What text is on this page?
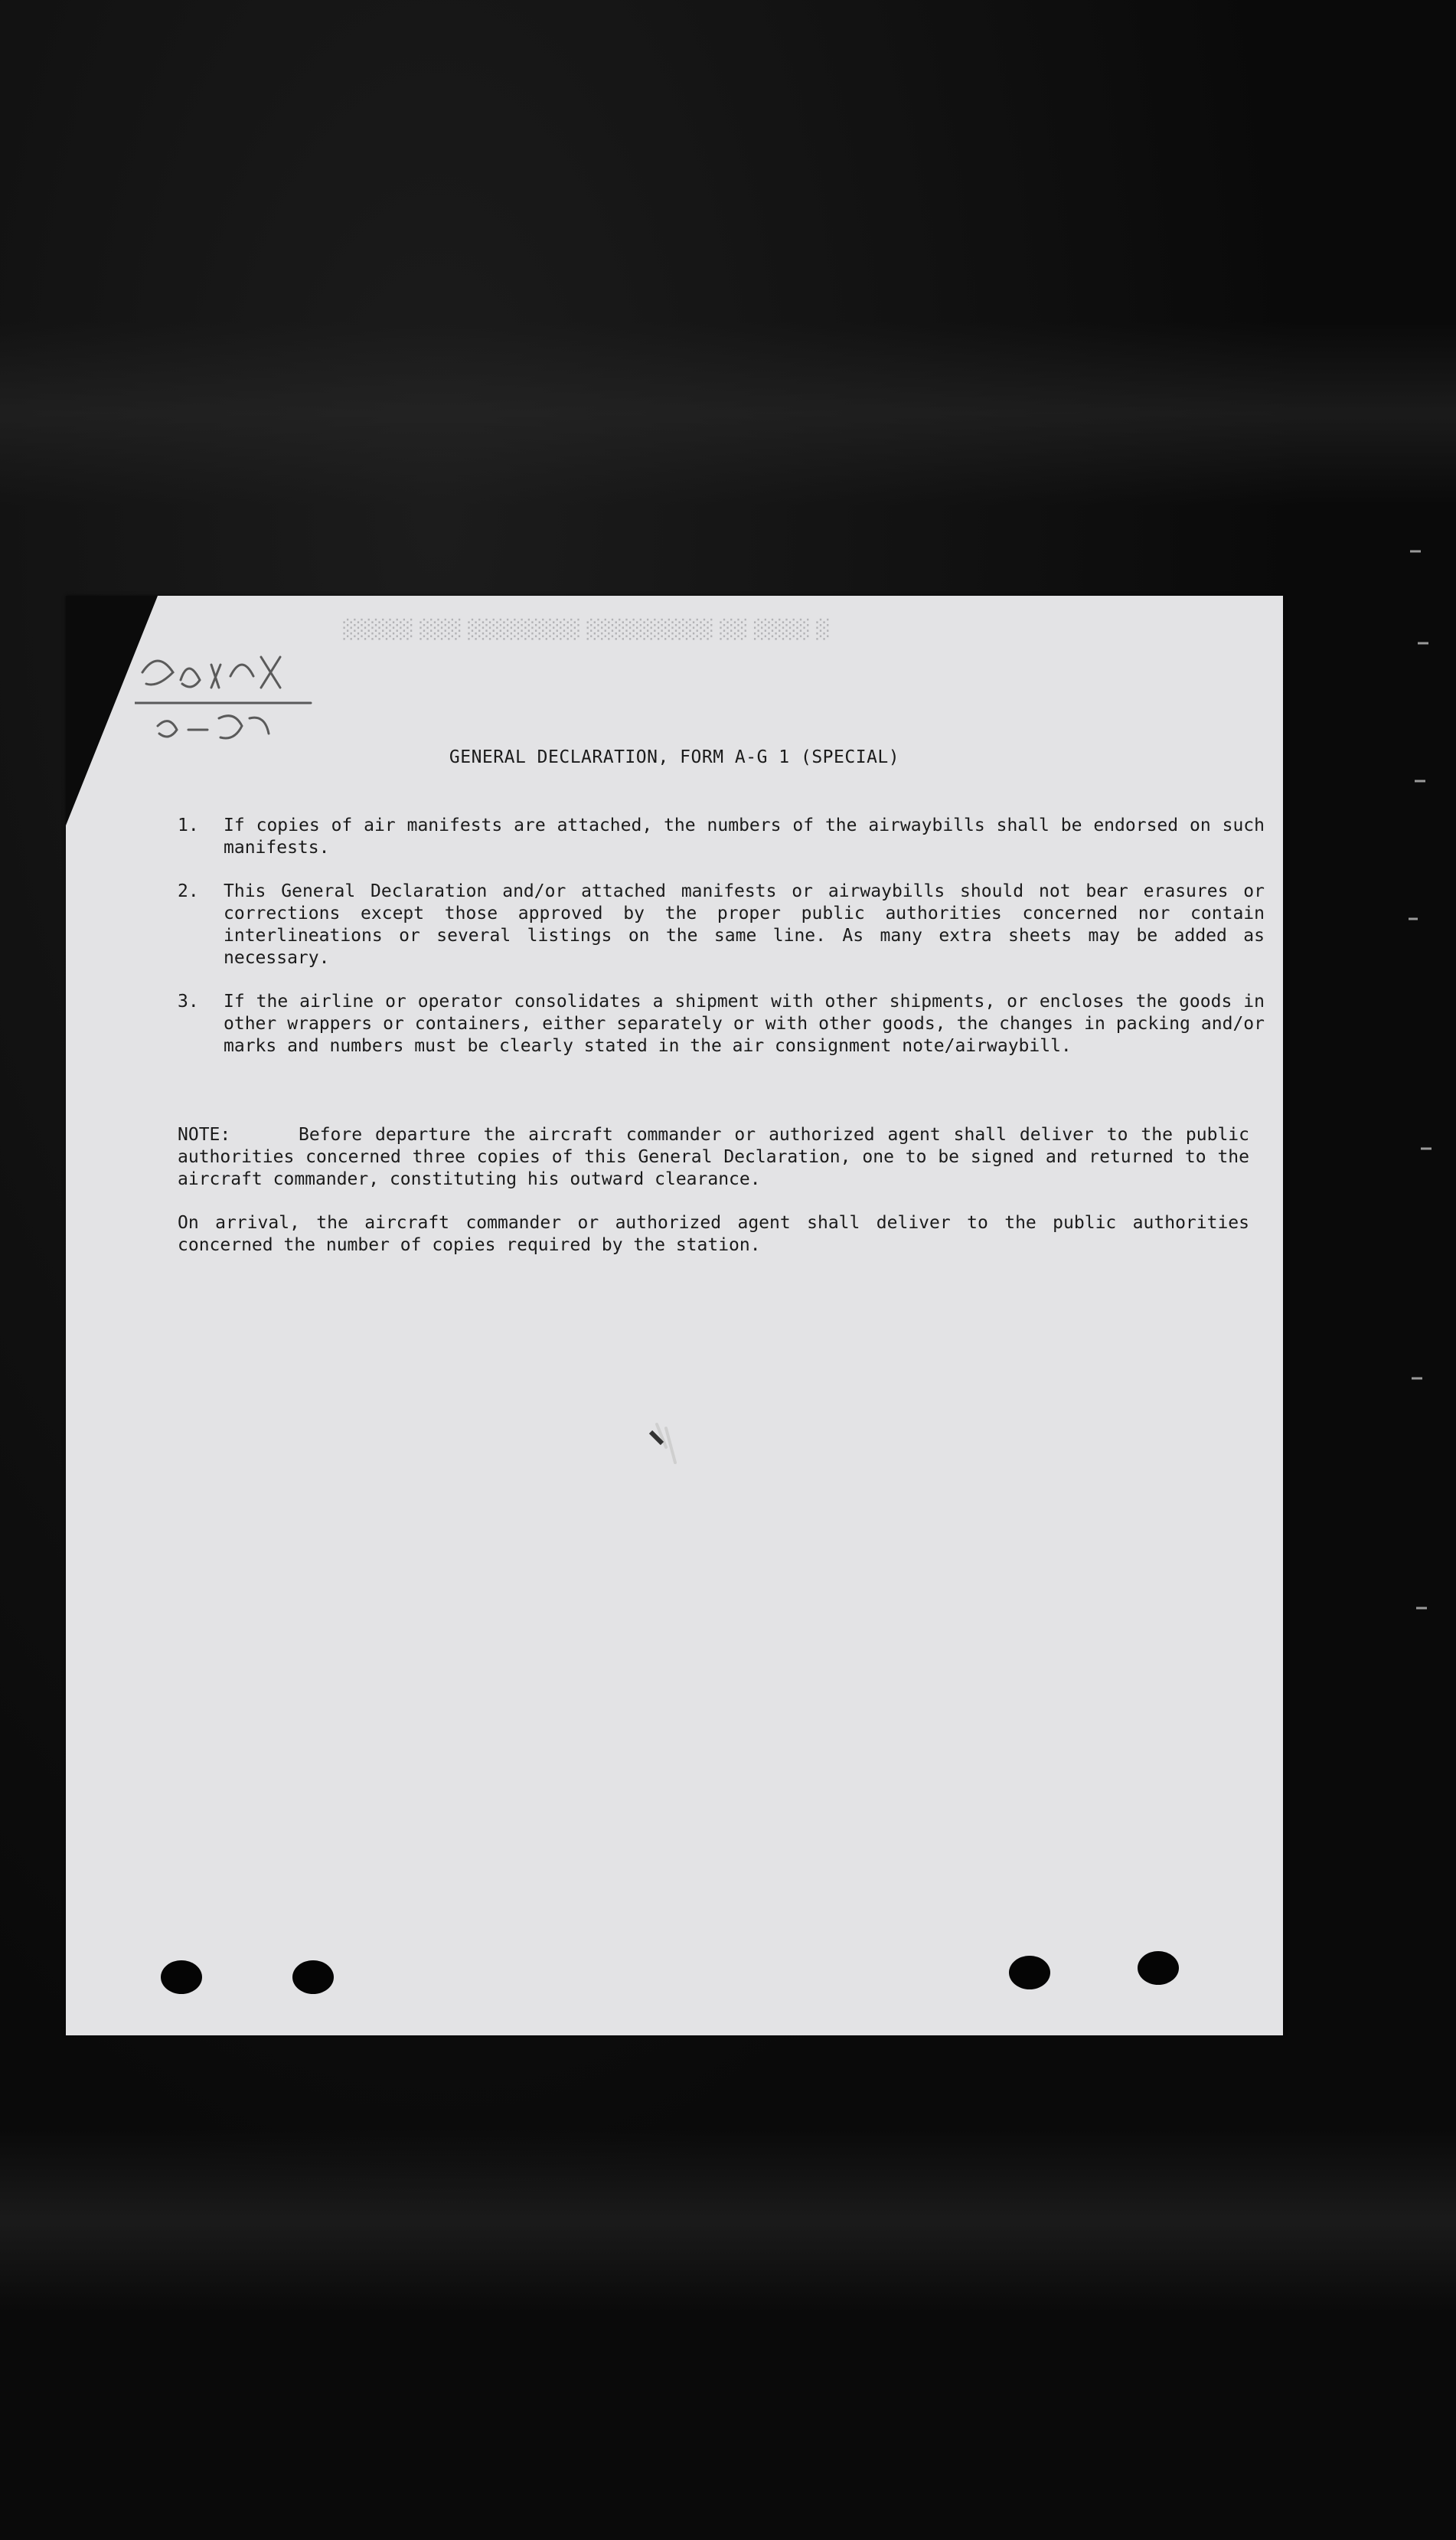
░ ░░░░ ░░ ░░░░░░░░░ ░░░░░░░░ ░░░ ░░░░░
GENERAL DECLARATION, FORM A-G 1 (SPECIAL)
1. If copies of air manifests are attached, the numbers of the airwaybills shall be endorsed on such manifests.
2. This General Declaration and/or attached manifests or airwaybills should not bear erasures or corrections except those approved by the proper public authorities concerned nor contain interlineations or several listings on the same line. As many extra sheets may be added as necessary.
3. If the airline or operator consolidates a shipment with other shipments, or encloses the goods in other wrappers or containers, either separately or with other goods, the changes in packing and/or marks and numbers must be clearly stated in the air consignment note/airwaybill.
NOTE:	Before departure the aircraft commander or authorized agent shall deliver to the public authorities concerned three copies of this General Declaration, one to be signed and returned to the aircraft commander, constituting his outward clearance.
On arrival, the aircraft commander or authorized agent shall deliver to the public authorities concerned the number of copies required by the station.
